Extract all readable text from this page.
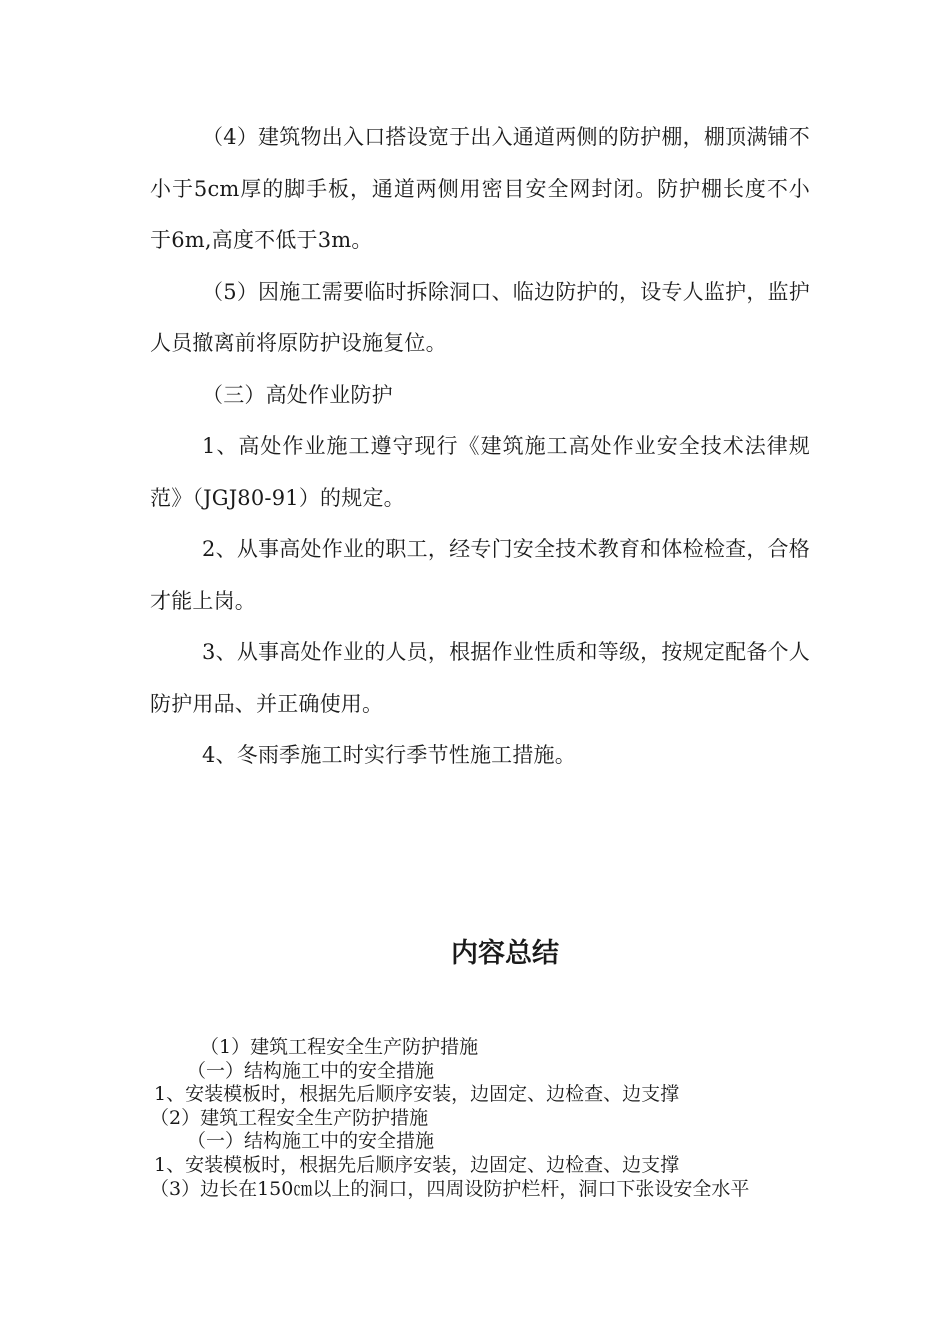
（4）建筑物出入口搭设宽于出入通道两侧的防护棚，棚顶满铺不小于5cm厚的脚手板，通道两侧用密目安全网封闭。防护棚长度不小于6m,高度不低于3m。

（5）因施工需要临时拆除洞口、临边防护的，设专人监护，监护人员撤离前将原防护设施复位。

（三）高处作业防护

1、高处作业施工遵守现行《建筑施工高处作业安全技术法律规范》（JGJ80-91）的规定。

2、从事高处作业的职工，经专门安全技术教育和体检检查，合格才能上岗。

3、从事高处作业的人员，根据作业性质和等级，按规定配备个人防护用品、并正确使用。

4、冬雨季施工时实行季节性施工措施。

内容总结

（1）建筑工程安全生产防护措施

（一）结构施工中的安全措施

1、安装模板时，根据先后顺序安装，边固定、边检查、边支撑

（2）建筑工程安全生产防护措施

（一）结构施工中的安全措施

1、安装模板时，根据先后顺序安装，边固定、边检查、边支撑

（3）边长在150㎝以上的洞口，四周设防护栏杆，洞口下张设安全水平
